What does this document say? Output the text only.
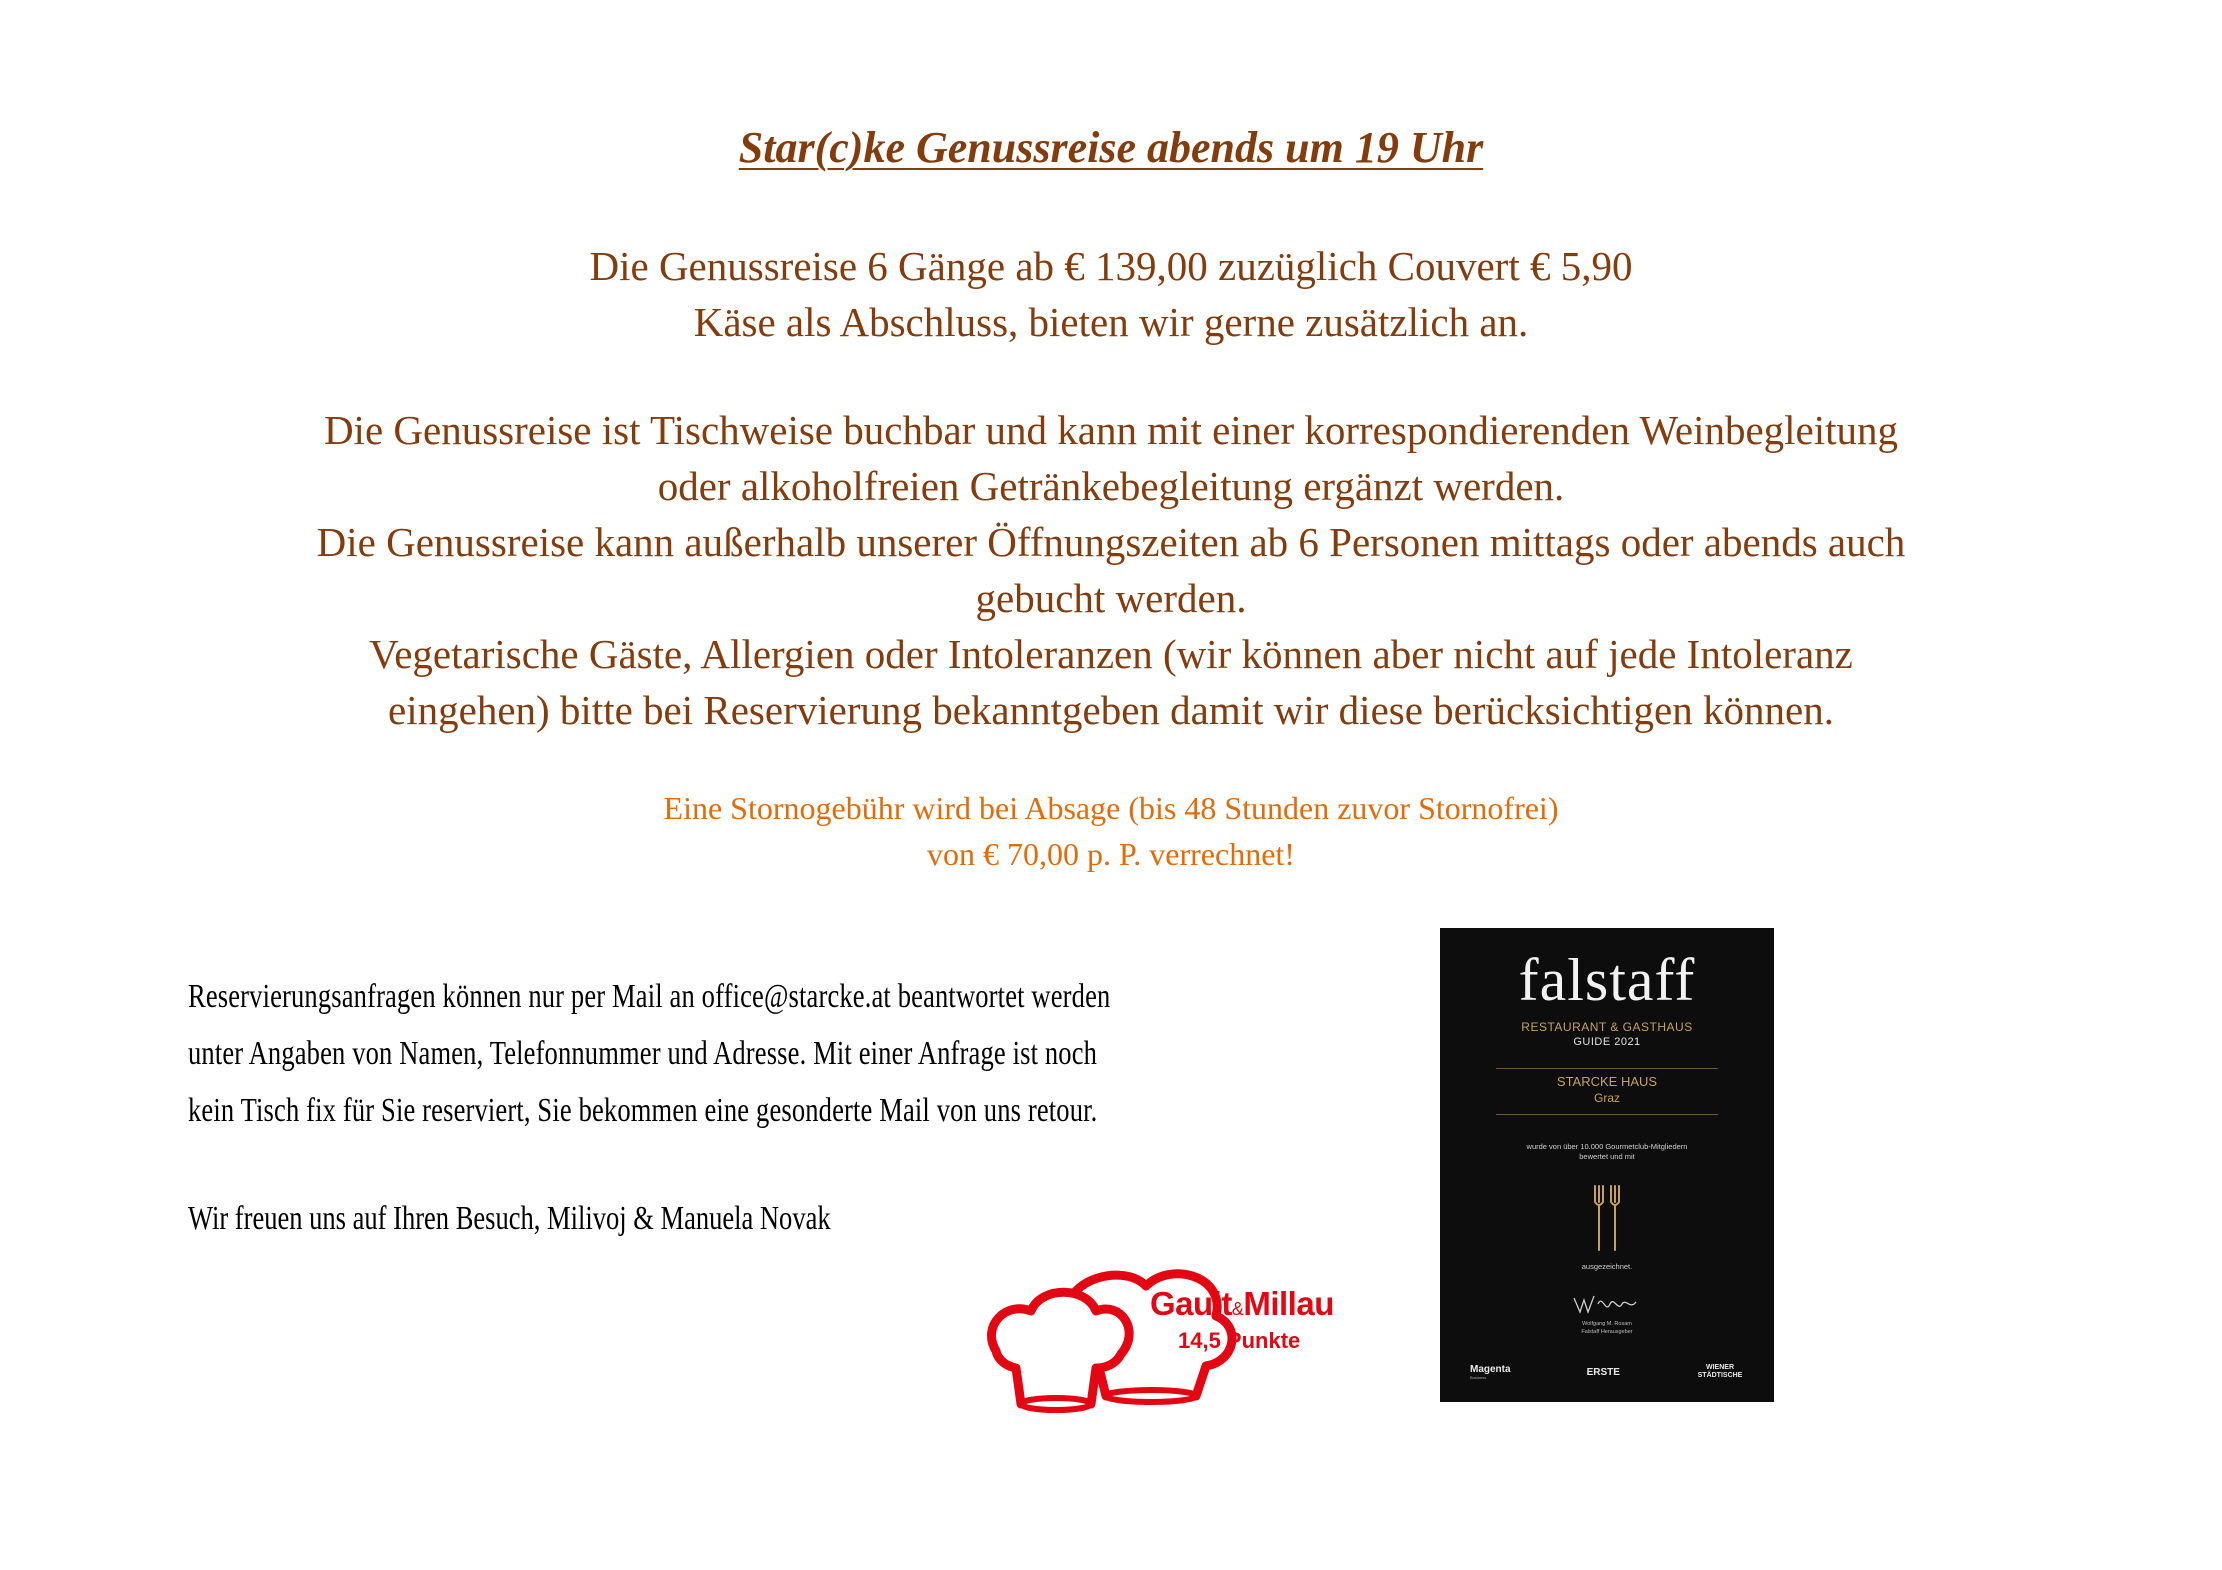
Star(c)ke Genussreise abends um 19 Uhr

Die Genussreise 6 Gänge ab € 139,00 zuzüglich Couvert € 5,90

Käse als Abschluss, bieten wir gerne zusätzlich an.

Die Genussreise ist Tischweise buchbar und kann mit einer korrespondierenden Weinbegleitung

oder alkoholfreien Getränkebegleitung ergänzt werden.

Die Genussreise kann außerhalb unserer Öffnungszeiten ab 6 Personen mittags oder abends auch

gebucht werden.

Vegetarische Gäste, Allergien oder Intoleranzen (wir können aber nicht auf jede Intoleranz

eingehen) bitte bei Reservierung bekanntgeben damit wir diese berücksichtigen können.

Eine Stornogebühr wird bei Absage (bis 48 Stunden zuvor Stornofrei)

von € 70,00 p. P. verrechnet!

Reservierungsanfragen können nur per Mail an office@starcke.at beantwortet werden

unter Angaben von Namen, Telefonnummer und Adresse. Mit einer Anfrage ist noch

kein Tisch fix für Sie reserviert, Sie bekommen eine gesonderte Mail von uns retour.

Wir freuen uns auf Ihren Besuch, Milivoj & Manuela Novak
Gault&Millau
14,5 Punkte
falstaff
RESTAURANT & GASTHAUS
GUIDE 2021
STARCKE HAUS
Graz
wurde von über 10.000 Gourmetclub-Mitgliedern
bewertet und mit
ausgezeichnet.
Wolfgang M. Rosam
Falstaff Herausgeber
Magenta
Business	ERSTE	WIENER STÄDTISCHE
